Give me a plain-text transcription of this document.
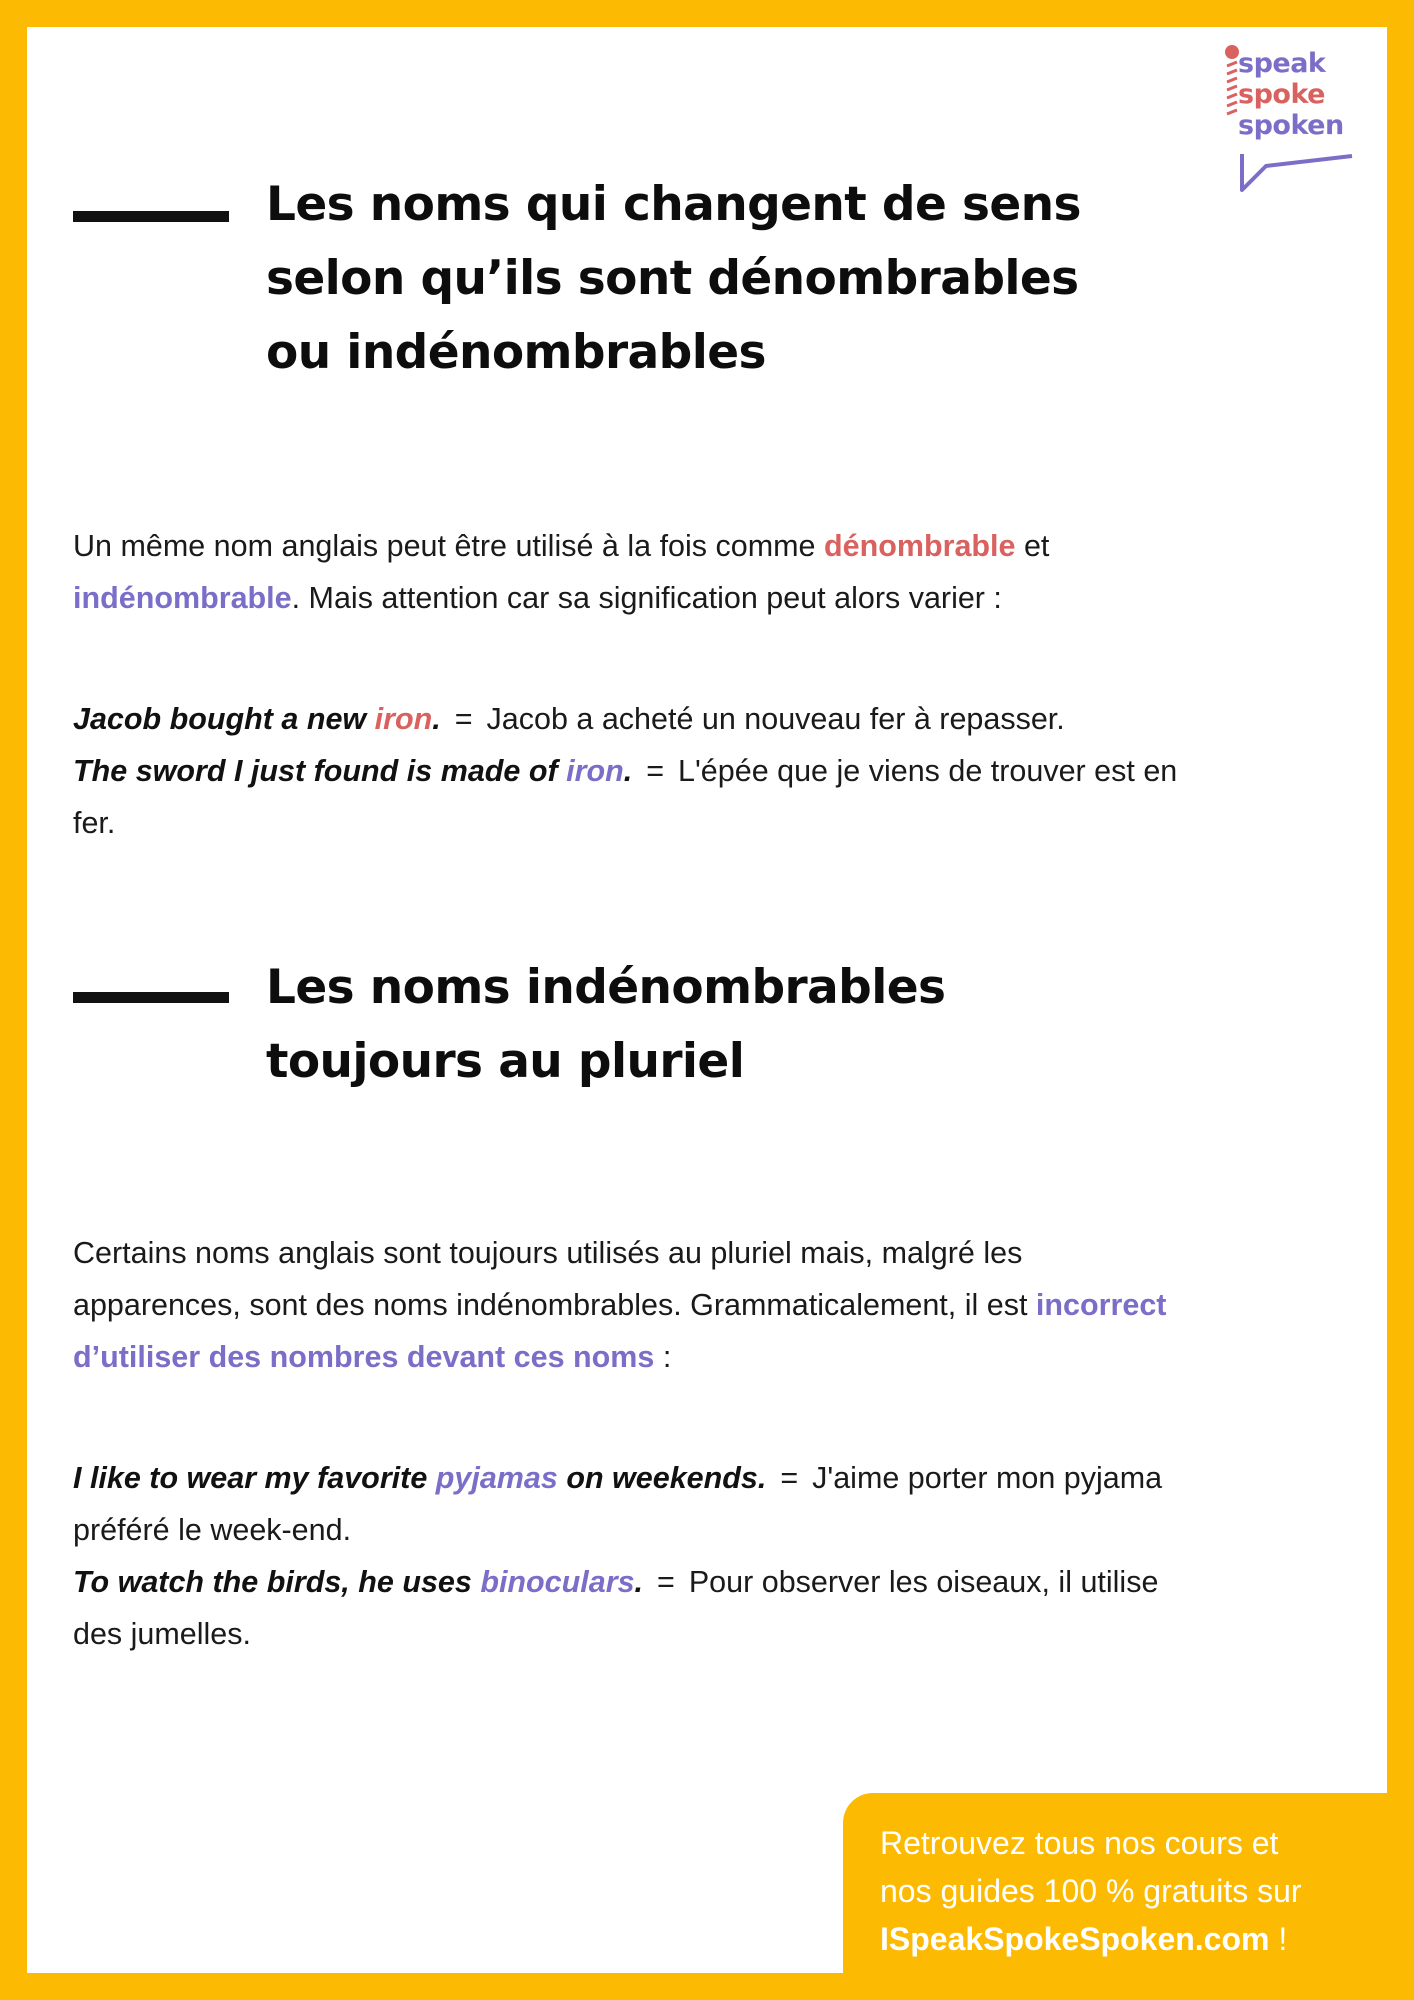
speak
spoke
spoken
Les noms qui changent de sens
selon qu’ils sont dénombrables
ou indénombrables

Un même nom anglais peut être utilisé à la fois comme dénombrable et
indénombrable. Mais attention car sa signification peut alors varier :

Jacob bought a new iron. = Jacob a acheté un nouveau fer à repasser.
The sword I just found is made of iron. = L'épée que je viens de trouver est en
fer.

Les noms indénombrables
toujours au pluriel

Certains noms anglais sont toujours utilisés au pluriel mais, malgré les
apparences, sont des noms indénombrables. Grammaticalement, il est incorrect
d’utiliser des nombres devant ces noms :

I like to wear my favorite pyjamas on weekends. = J'aime porter mon pyjama
préféré le week-end.
To watch the birds, he uses binoculars. = Pour observer les oiseaux, il utilise
des jumelles.

Retrouvez tous nos cours et
nos guides 100 % gratuits sur
ISpeakSpokeSpoken.com !
